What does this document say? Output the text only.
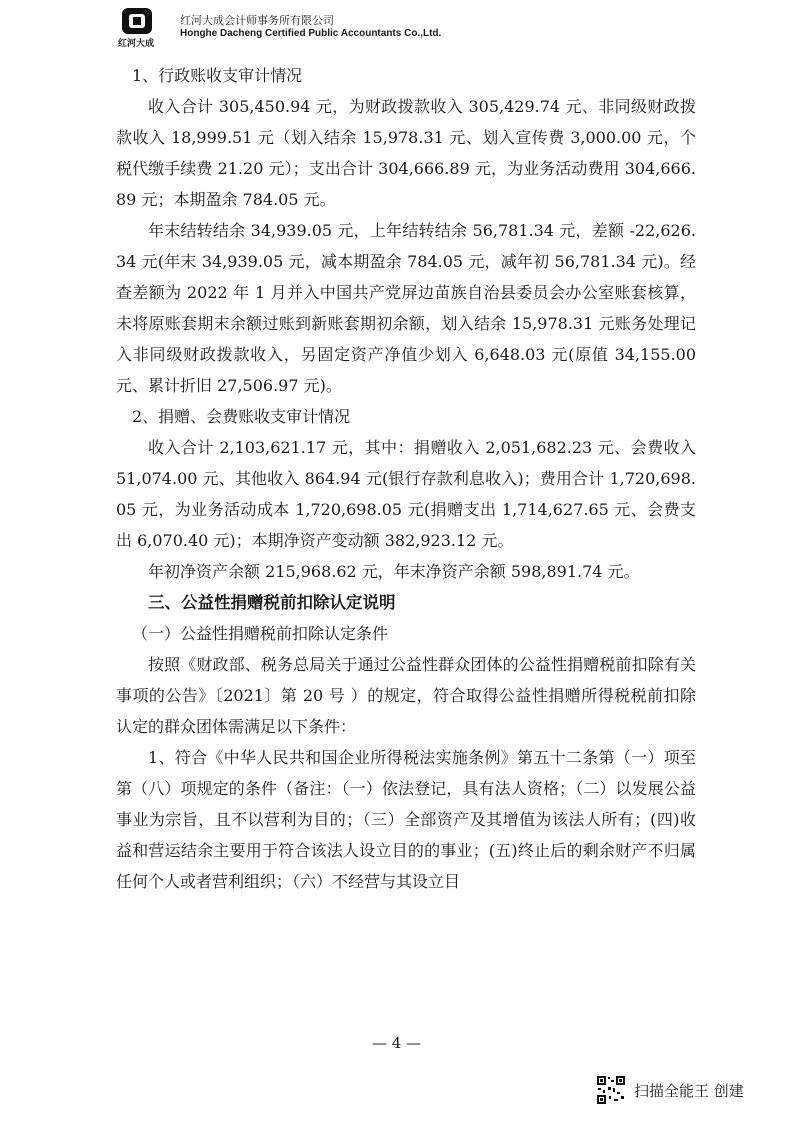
红河大成
红河大成会计师事务所有限公司
Honghe Dacheng Certified Public Accountants Co.,Ltd.

1、行政账收支审计情况

收入合计 305,450.94 元，为财政拨款收入 305,429.74 元、非同级财政拨款收入 18,999.51 元（划入结余 15,978.31 元、划入宣传费 3,000.00 元，个税代缴手续费 21.20 元）；支出合计 304,666.89 元，为业务活动费用 304,666.89 元；本期盈余 784.05 元。

年末结转结余 34,939.05 元，上年结转结余 56,781.34 元，差额 -22,626.34 元(年末 34,939.05 元，减本期盈余 784.05 元，减年初 56,781.34 元)。经查差额为 2022 年 1 月并入中国共产党屏边苗族自治县委员会办公室账套核算，未将原账套期末余额过账到新账套期初余额，划入结余 15,978.31 元账务处理记入非同级财政拨款收入，另固定资产净值少划入 6,648.03 元(原值 34,155.00 元、累计折旧 27,506.97 元)。

2、捐赠、会费账收支审计情况

收入合计 2,103,621.17 元，其中：捐赠收入 2,051,682.23 元、会费收入 51,074.00 元、其他收入 864.94 元(银行存款利息收入)；费用合计 1,720,698.05 元，为业务活动成本 1,720,698.05 元(捐赠支出 1,714,627.65 元、会费支出 6,070.40 元)；本期净资产变动额 382,923.12 元。

年初净资产余额 215,968.62 元，年末净资产余额 598,891.74 元。

三、公益性捐赠税前扣除认定说明

（一）公益性捐赠税前扣除认定条件

按照《财政部、税务总局关于通过公益性群众团体的公益性捐赠税前扣除有关事项的公告》〔2021〕第 20 号 ）的规定，符合取得公益性捐赠所得税税前扣除认定的群众团体需满足以下条件：

1、符合《中华人民共和国企业所得税法实施条例》第五十二条第（一）项至第（八）项规定的条件（备注：（一）依法登记，具有法人资格；（二）以发展公益事业为宗旨，且不以营利为目的；（三）全部资产及其增值为该法人所有；(四)收益和营运结余主要用于符合该法人设立目的的事业；(五)终止后的剩余财产不归属任何个人或者营利组织；（六）不经营与其设立目

— 4 —
扫描全能王 创建
